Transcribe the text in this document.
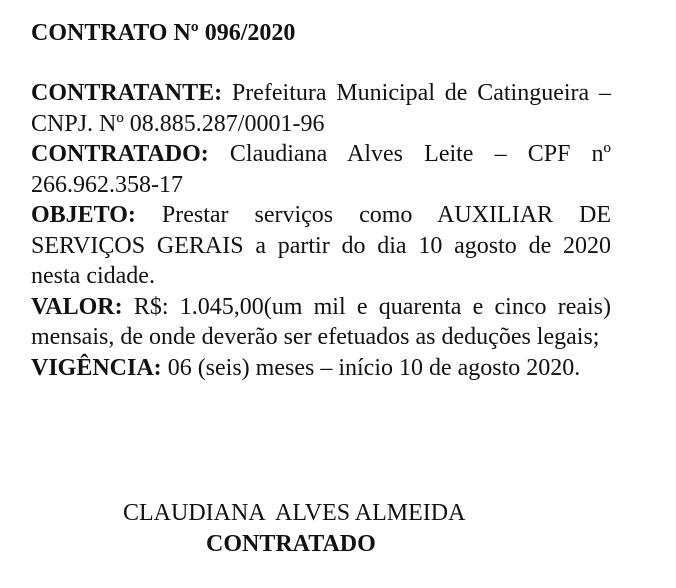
CONTRATO Nº 096/2020

CONTRATANTE: Prefeitura Municipal de Catingueira – CNPJ. Nº 08.885.287/0001-96

CONTRATADO: Claudiana Alves Leite – CPF nº 266.962.358-17

OBJETO: Prestar serviços como AUXILIAR DE SERVIÇOS GERAIS a partir do dia 10 agosto de 2020 nesta cidade.

VALOR: R$: 1.045,00(um mil e quarenta e cinco reais) mensais, de onde deverão ser efetuados as deduções legais;

VIGÊNCIA: 06 (seis) meses – início 10 de agosto 2020.

CLAUDIANA  ALVES ALMEIDA
CONTRATADO
